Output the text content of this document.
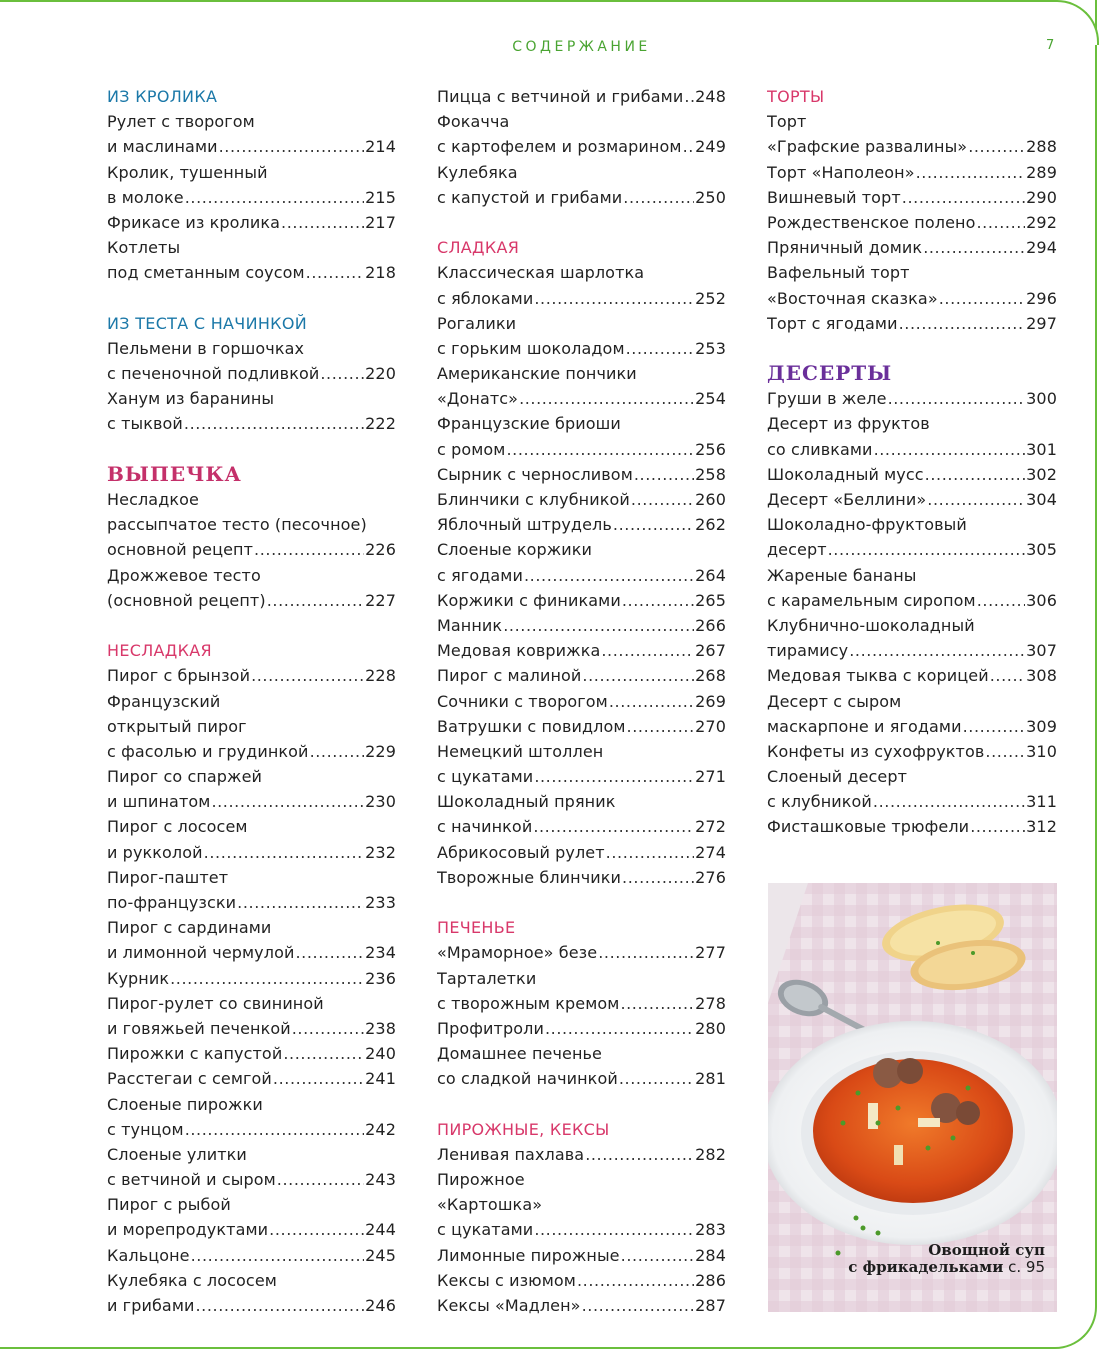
СОДЕРЖАНИЕ	7
ИЗ КРОЛИКА
Рулет с творогом
и маслинами .....	214
Кролик, тушенный
в молоке .....	215
Фрикасе из кролика .....	217
Котлеты
под сметанным соусом .....	218
ИЗ ТЕСТА С НАЧИНКОЙ
Пельмени в горшочках
с печеночной подливкой .....	220
Ханум из баранины
с тыквой .....	222
ВЫПЕЧКА
Несладкое
рассыпчатое тесто (песочное)
основной рецепт .....	226
Дрожжевое тесто
(основной рецепт) .....	227
НЕСЛАДКАЯ
Пирог с брынзой .....	228
Французский
открытый пирог
с фасолью и грудинкой .....	229
Пирог со спаржей
и шпинатом .....	230
Пирог с лососем
и рукколой .....	232
Пирог-паштет
по-французски .....	233
Пирог с сардинами
и лимонной чермулой .....	234
Курник .....	236
Пирог-рулет со свининой
и говяжьей печенкой .....	238
Пирожки с капустой .....	240
Расстегаи с семгой .....	241
Слоеные пирожки
с тунцом .....	242
Слоеные улитки
с ветчиной и сыром .....	243
Пирог с рыбой
и морепродуктами .....	244
Кальцоне .....	245
Кулебяка с лососем
и грибами .....	246
Пицца с ветчиной и грибами ..... 248
Фокачча
с картофелем и розмарином ..... 249
Кулебяка
с капустой и грибами .....	250
СЛАДКАЯ
Классическая шарлотка
с яблоками .....	252
Рогалики
с горьким шоколадом .....	253
Американские пончики
«Донатс» .....	254
Французские бриоши
с ромом .....	256
Сырник с черносливом .....	258
Блинчики с клубникой .....	260
Яблочный штрудель .....	262
Слоеные коржики
с ягодами .....	264
Коржики с финиками .....	265
Манник .....	266
Медовая коврижка .....	267
Пирог с малиной .....	268
Сочники с творогом .....	269
Ватрушки с повидлом .....	270
Немецкий штоллен
с цукатами .....	271
Шоколадный пряник
с начинкой .....	272
Абрикосовый рулет .....	274
Творожные блинчики .....	276
ПЕЧЕНЬЕ
«Мраморное» безе .....	277
Тарталетки
с творожным кремом .....	278
Профитроли .....	280
Домашнее печенье
со сладкой начинкой .....	281
ПИРОЖНЫЕ, КЕКСЫ
Ленивая пахлава .....	282
Пирожное
«Картошка»
с цукатами .....	283
Лимонные пирожные .....	284
Кексы с изюмом .....	286
Кексы «Мадлен» .....	287
ТОРТЫ
Торт
«Графские развалины» .....	288
Торт «Наполеон» .....	289
Вишневый торт .....	290
Рождественское полено .....	292
Пряничный домик .....	294
Вафельный торт
«Восточная сказка» .....	296
Торт с ягодами .....	297
ДЕСЕРТЫ
Груши в желе .....	300
Десерт из фруктов
со сливками .....	301
Шоколадный мусс .....	302
Десерт «Беллини» .....	304
Шоколадно-фруктовый
десерт .....	305
Жареные бананы
с карамельным сиропом .....	306
Клубнично-шоколадный
тирамису .....	307
Медовая тыква с корицей ..... 308
Десерт с сыром
маскарпоне и ягодами .....	309
Конфеты из сухофруктов .....	310
Слоеный десерт
с клубникой .....	311
Фисташковые трюфели .....	312
Овощной суп
с фрикадельками с. 95
